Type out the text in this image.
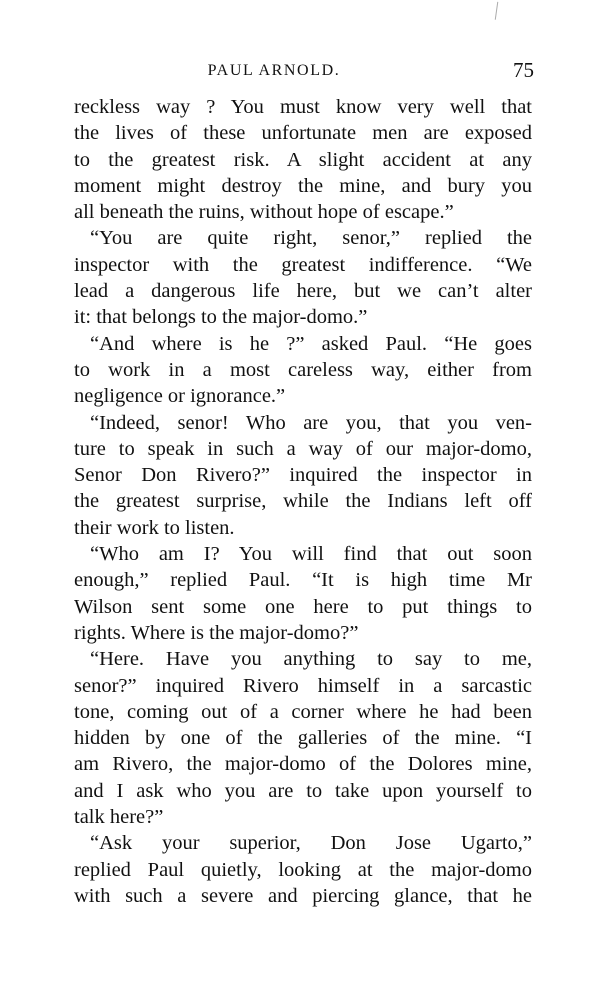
PAUL ARNOLD.	75
reckless way ? You must know very well that
the lives of these unfortunate men are exposed
to the greatest risk. A slight accident at any
moment might destroy the mine, and bury you
all beneath the ruins, without hope of escape.”
“You are quite right, senor,” replied the
inspector with the greatest indifference. “We
lead a dangerous life here, but we can’t alter
it: that belongs to the major-domo.”
“And where is he ?” asked Paul. “He goes
to work in a most careless way, either from
negligence or ignorance.”
“Indeed, senor! Who are you, that you ven-
ture to speak in such a way of our major-domo,
Senor Don Rivero?” inquired the inspector in
the greatest surprise, while the Indians left off
their work to listen.
“Who am I? You will find that out soon
enough,” replied Paul. “It is high time Mr
Wilson sent some one here to put things to
rights. Where is the major-domo?”
“Here. Have you anything to say to me,
senor?” inquired Rivero himself in a sarcastic
tone, coming out of a corner where he had been
hidden by one of the galleries of the mine. “I
am Rivero, the major-domo of the Dolores mine,
and I ask who you are to take upon yourself to
talk here?”
“Ask your superior, Don Jose Ugarto,”
replied Paul quietly, looking at the major-domo
with such a severe and piercing glance, that he
